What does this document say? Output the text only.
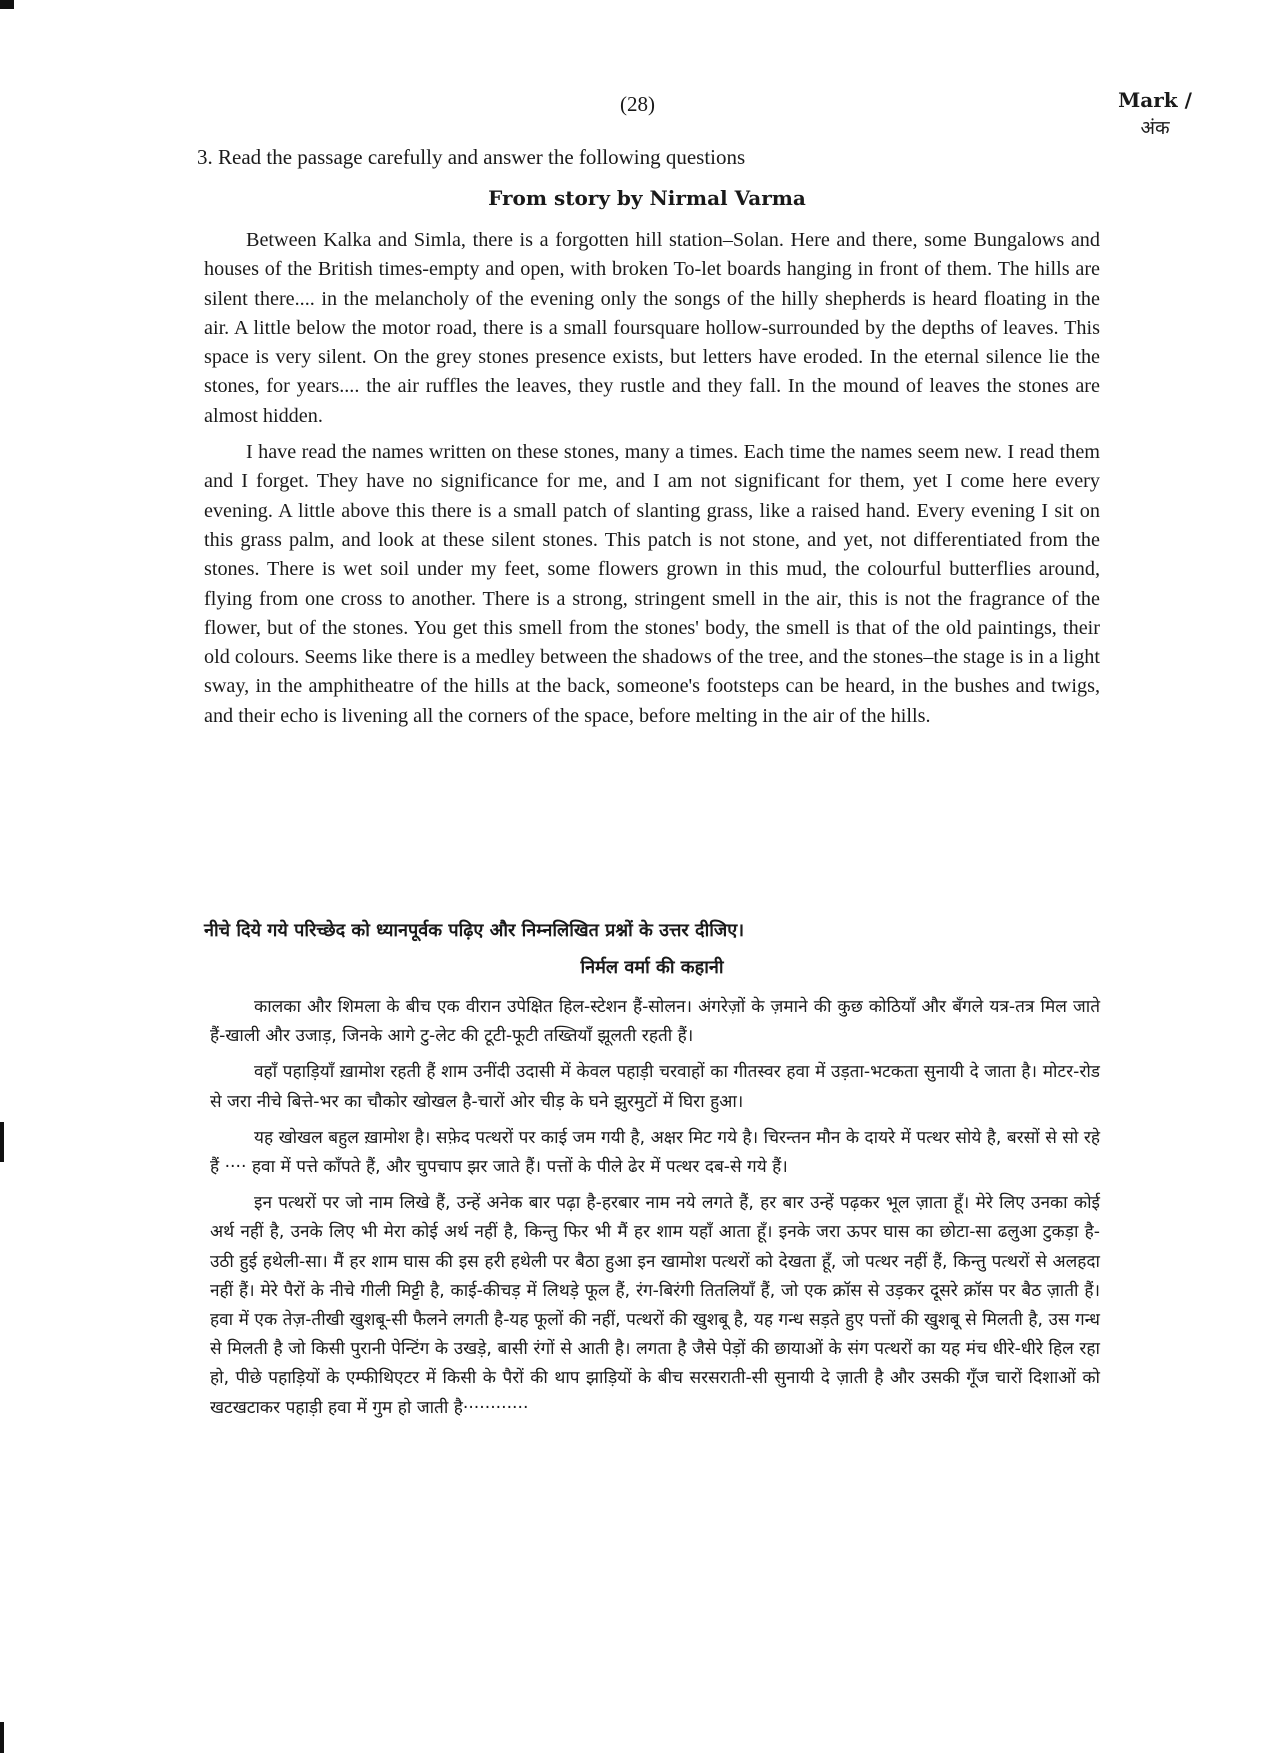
(28)	Mark /
अंक
3. Read the passage carefully and answer the following questions
From story by Nirmal Varma

Between Kalka and Simla, there is a forgotten hill station–Solan. Here and there, some Bungalows and houses of the British times-empty and open, with broken To-let boards hanging in front of them. The hills are silent there.... in the melancholy of the evening only the songs of the hilly shepherds is heard floating in the air. A little below the motor road, there is a small foursquare hollow-surrounded by the depths of leaves. This space is very silent. On the grey stones presence exists, but letters have eroded. In the eternal silence lie the stones, for years.... the air ruffles the leaves, they rustle and they fall. In the mound of leaves the stones are almost hidden.

I have read the names written on these stones, many a times. Each time the names seem new. I read them and I forget. They have no significance for me, and I am not significant for them, yet I come here every evening. A little above this there is a small patch of slanting grass, like a raised hand. Every evening I sit on this grass palm, and look at these silent stones. This patch is not stone, and yet, not differentiated from the stones. There is wet soil under my feet, some flowers grown in this mud, the colourful butterflies around, flying from one cross to another. There is a strong, stringent smell in the air, this is not the fragrance of the flower, but of the stones. You get this smell from the stones' body, the smell is that of the old paintings, their old colours. Seems like there is a medley between the shadows of the tree, and the stones–the stage is in a light sway, in the amphitheatre of the hills at the back, someone's footsteps can be heard, in the bushes and twigs, and their echo is livening all the corners of the space, before melting in the air of the hills.

नीचे दिये गये परिच्छेद को ध्यानपूर्वक पढ़िए और निम्नलिखित प्रश्नों के उत्तर दीजिए।
निर्मल वर्मा की कहानी

कालका और शिमला के बीच एक वीरान उपेक्षित हिल-स्टेशन हैं-सोलन। अंगरेज़ों के ज़माने की कुछ कोठियाँ और बँगले यत्र-तत्र मिल जाते हैं-खाली और उजाड़, जिनके आगे टु-लेट की टूटी-फूटी तख्तियाँ झूलती रहती हैं।

वहाँ पहाड़ियाँ ख़ामोश रहती हैं शाम उनींदी उदासी में केवल पहाड़ी चरवाहों का गीतस्वर हवा में उड़ता-भटकता सुनायी दे जाता है। मोटर-रोड से जरा नीचे बित्ते-भर का चौकोर खोखल है-चारों ओर चीड़ के घने झुरमुटों में घिरा हुआ।

यह खोखल बहुल ख़ामोश है। सफ़ेद पत्थरों पर काई जम गयी है, अक्षर मिट गये है। चिरन्तन मौन के दायरे में पत्थर सोये है, बरसों से सो रहे हैं ···· हवा में पत्ते काँपते हैं, और चुपचाप झर जाते हैं। पत्तों के पीले ढेर में पत्थर दब-से गये हैं।

इन पत्थरों पर जो नाम लिखे हैं, उन्हें अनेक बार पढ़ा है-हरबार नाम नये लगते हैं, हर बार उन्हें पढ़कर भूल ज़ाता हूँ। मेरे लिए उनका कोई अर्थ नहीं है, उनके लिए भी मेरा कोई अर्थ नहीं है, किन्तु फिर भी मैं हर शाम यहाँ आता हूँ। इनके जरा ऊपर घास का छोटा-सा ढलुआ टुकड़ा है-उठी हुई हथेली-सा। मैं हर शाम घास की इस हरी हथेली पर बैठा हुआ इन खामोश पत्थरों को देखता हूँ, जो पत्थर नहीं हैं, किन्तु पत्थरों से अलहदा नहीं हैं। मेरे पैरों के नीचे गीली मिट्टी है, काई-कीचड़ में लिथड़े फूल हैं, रंग-बिरंगी तितलियाँ हैं, जो एक क्रॉस से उड़कर दूसरे क्रॉस पर बैठ ज़ाती हैं। हवा में एक तेज़-तीखी खुशबू-सी फैलने लगती है-यह फूलों की नहीं, पत्थरों की खुशबू है, यह गन्ध सड़ते हुए पत्तों की खुशबू से मिलती है, उस गन्ध से मिलती है जो किसी पुरानी पेन्टिंग के उखड़े, बासी रंगों से आती है। लगता है जैसे पेड़ों की छायाओं के संग पत्थरों का यह मंच धीरे-धीरे हिल रहा हो, पीछे पहाड़ियों के एम्फीथिएटर में किसी के पैरों की थाप झाड़ियों के बीच सरसराती-सी सुनायी दे ज़ाती है और उसकी गूँज चारों दिशाओं को खटखटाकर पहाड़ी हवा में गुम हो जाती है············
